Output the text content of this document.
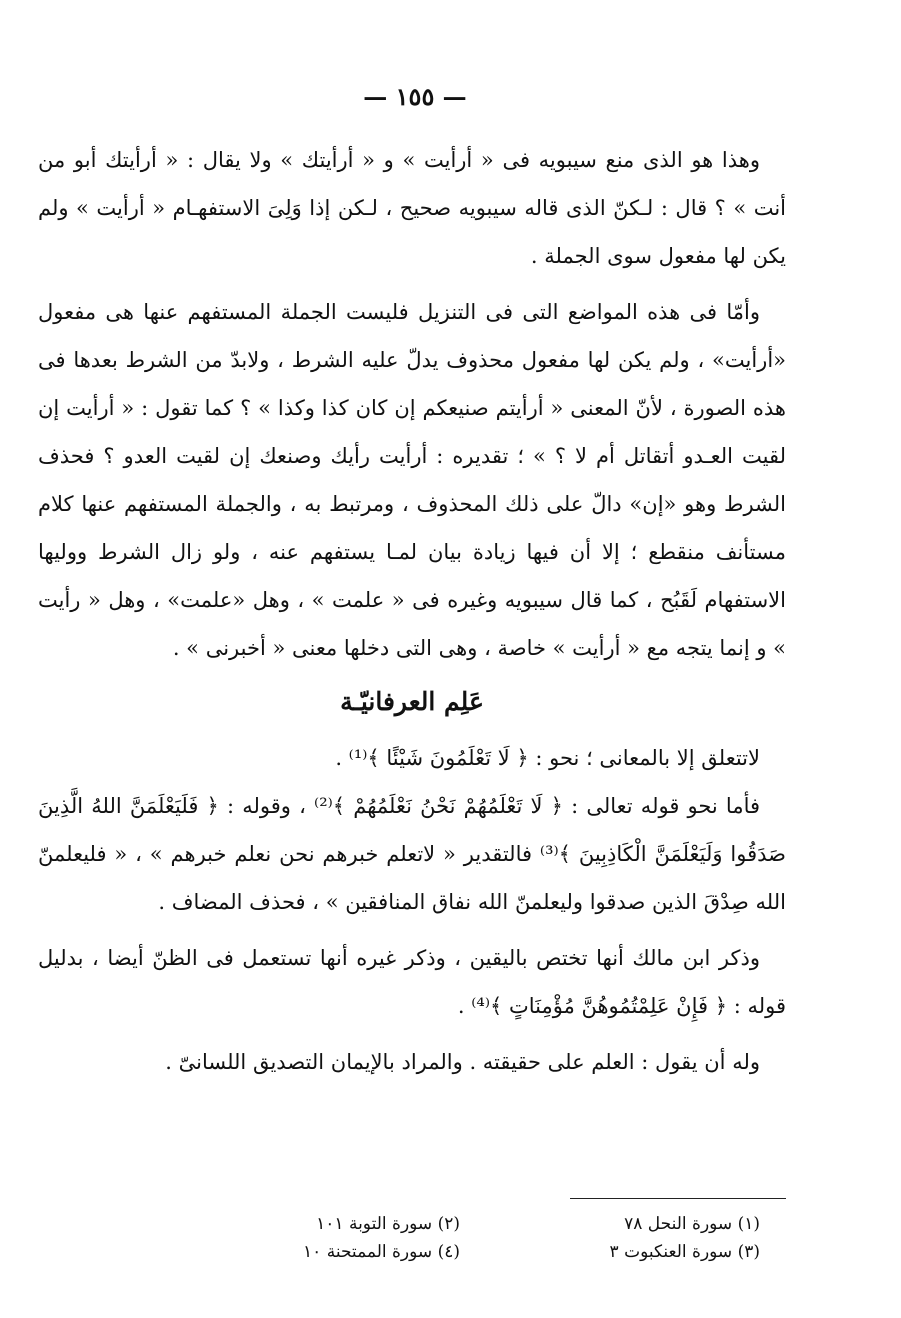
— ١٥٥ —

وهذا هو الذى منع سيبويه فى « أرأيت » و « أرأيتك » ولا يقال : « أرأيتك أبو من أنت » ؟ قال : لـكنّ الذى قاله سيبويه صحيح ، لـكن إذا وَلِىَ الاستفهـام « أرأيت » ولم يكن لها مفعول سوى الجملة .

وأمّا فى هذه المواضع التى فى التنزيل فليست الجملة المستفهم عنها هى مفعول «أرأيت» ، ولم يكن لها مفعول محذوف يدلّ عليه الشرط ، ولابدّ من الشرط بعدها فى هذه الصورة ، لأنّ المعنى « أرأيتم صنيعكم إن كان كذا وكذا » ؟ كما تقول : « أرأيت إن لقيت العـدو أتقاتل أم لا ؟ » ؛ تقديره : أرأيت رأيك وصنعك إن لقيت العدو ؟ فحذف الشرط وهو «إن» دالّ على ذلك المحذوف ، ومرتبط به ، والجملة المستفهم عنها كلام مستأنف منقطع ؛ إلا أن فيها زيادة بيان لمـا يستفهم عنه ، ولو زال الشرط ووليها الاستفهام لَقَبُح ، كما قال سيبويه وغيره فى « علمت » ، وهل «علمت» ، وهل « رأيت » و إنما يتجه مع « أرأيت » خاصة ، وهى التى دخلها معنى « أخبرنى » .

عَلِم العرفانيّـة

لاتتعلق إلا بالمعانى ؛ نحو : ﴿ لَا تَعْلَمُونَ شَيْئًا ﴾⁽¹⁾ .

فأما نحو قوله تعالى : ﴿ لَا تَعْلَمُهُمْ نَحْنُ نَعْلَمُهُمْ ﴾⁽²⁾ ، وقوله : ﴿ فَلَيَعْلَمَنَّ اللهُ الَّذِينَ صَدَقُوا وَلَيَعْلَمَنَّ الْكَاذِبِينَ ﴾⁽³⁾ فالتقدير « لاتعلم خبرهم نحن نعلم خبرهم » ، « فليعلمنّ الله صِدْقَ الذين صدقوا وليعلمنّ الله نفاق المنافقين » ، فحذف المضاف .

وذكر ابن مالك أنها تختص باليقين ، وذكر غيره أنها تستعمل فى الظنّ أيضا ، بدليل قوله : ﴿ فَإِنْ عَلِمْتُمُوهُنَّ مُؤْمِنَاتٍ ﴾⁽⁴⁾ .

وله أن يقول : العلم على حقيقته . والمراد بالإيمان التصديق اللسانىّ .

(١) سورة النحل ٧٨
(٢) سورة التوبة ١٠١
(٣) سورة العنكبوت ٣
(٤) سورة الممتحنة ١٠
